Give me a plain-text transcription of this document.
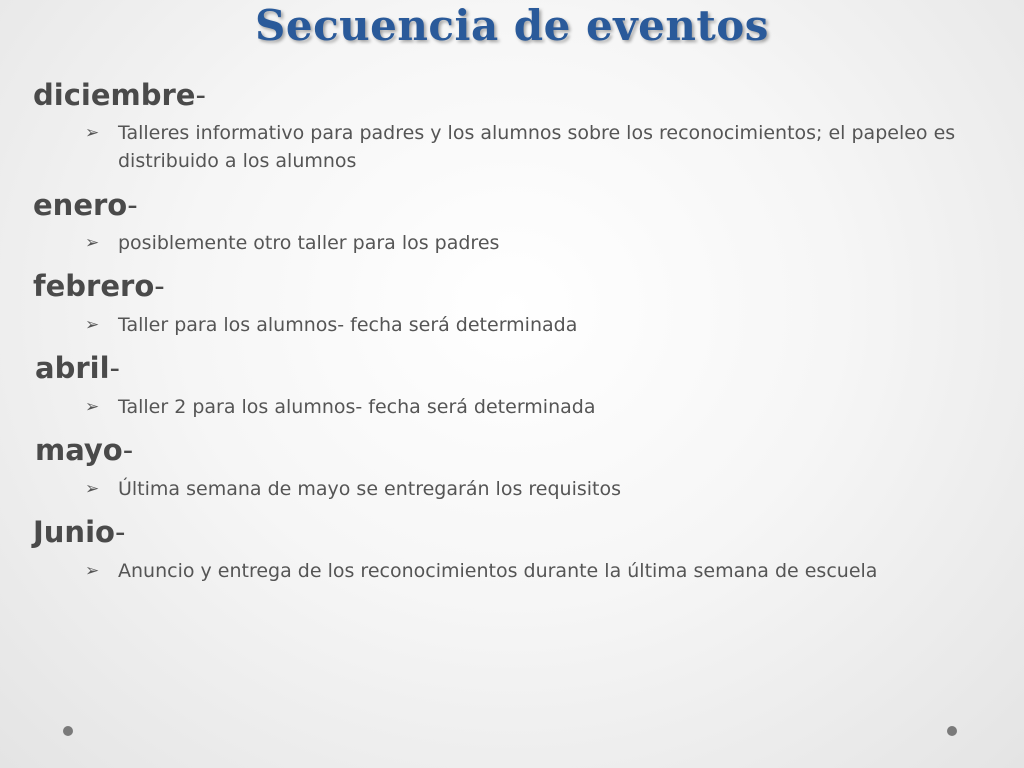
Secuencia de eventos
diciembre-
➢ Talleres informativo para padres y los alumnos sobre los reconocimientos; el papeleo es distribuido a los alumnos
enero-
➢ posiblemente otro taller para los padres
febrero-
➢ Taller para los alumnos- fecha será determinada
abril-
➢ Taller 2 para los alumnos- fecha será determinada
mayo-
➢ Última semana de mayo se entregarán los requisitos
Junio-
➢ Anuncio y entrega de los reconocimientos durante la última semana de escuela
